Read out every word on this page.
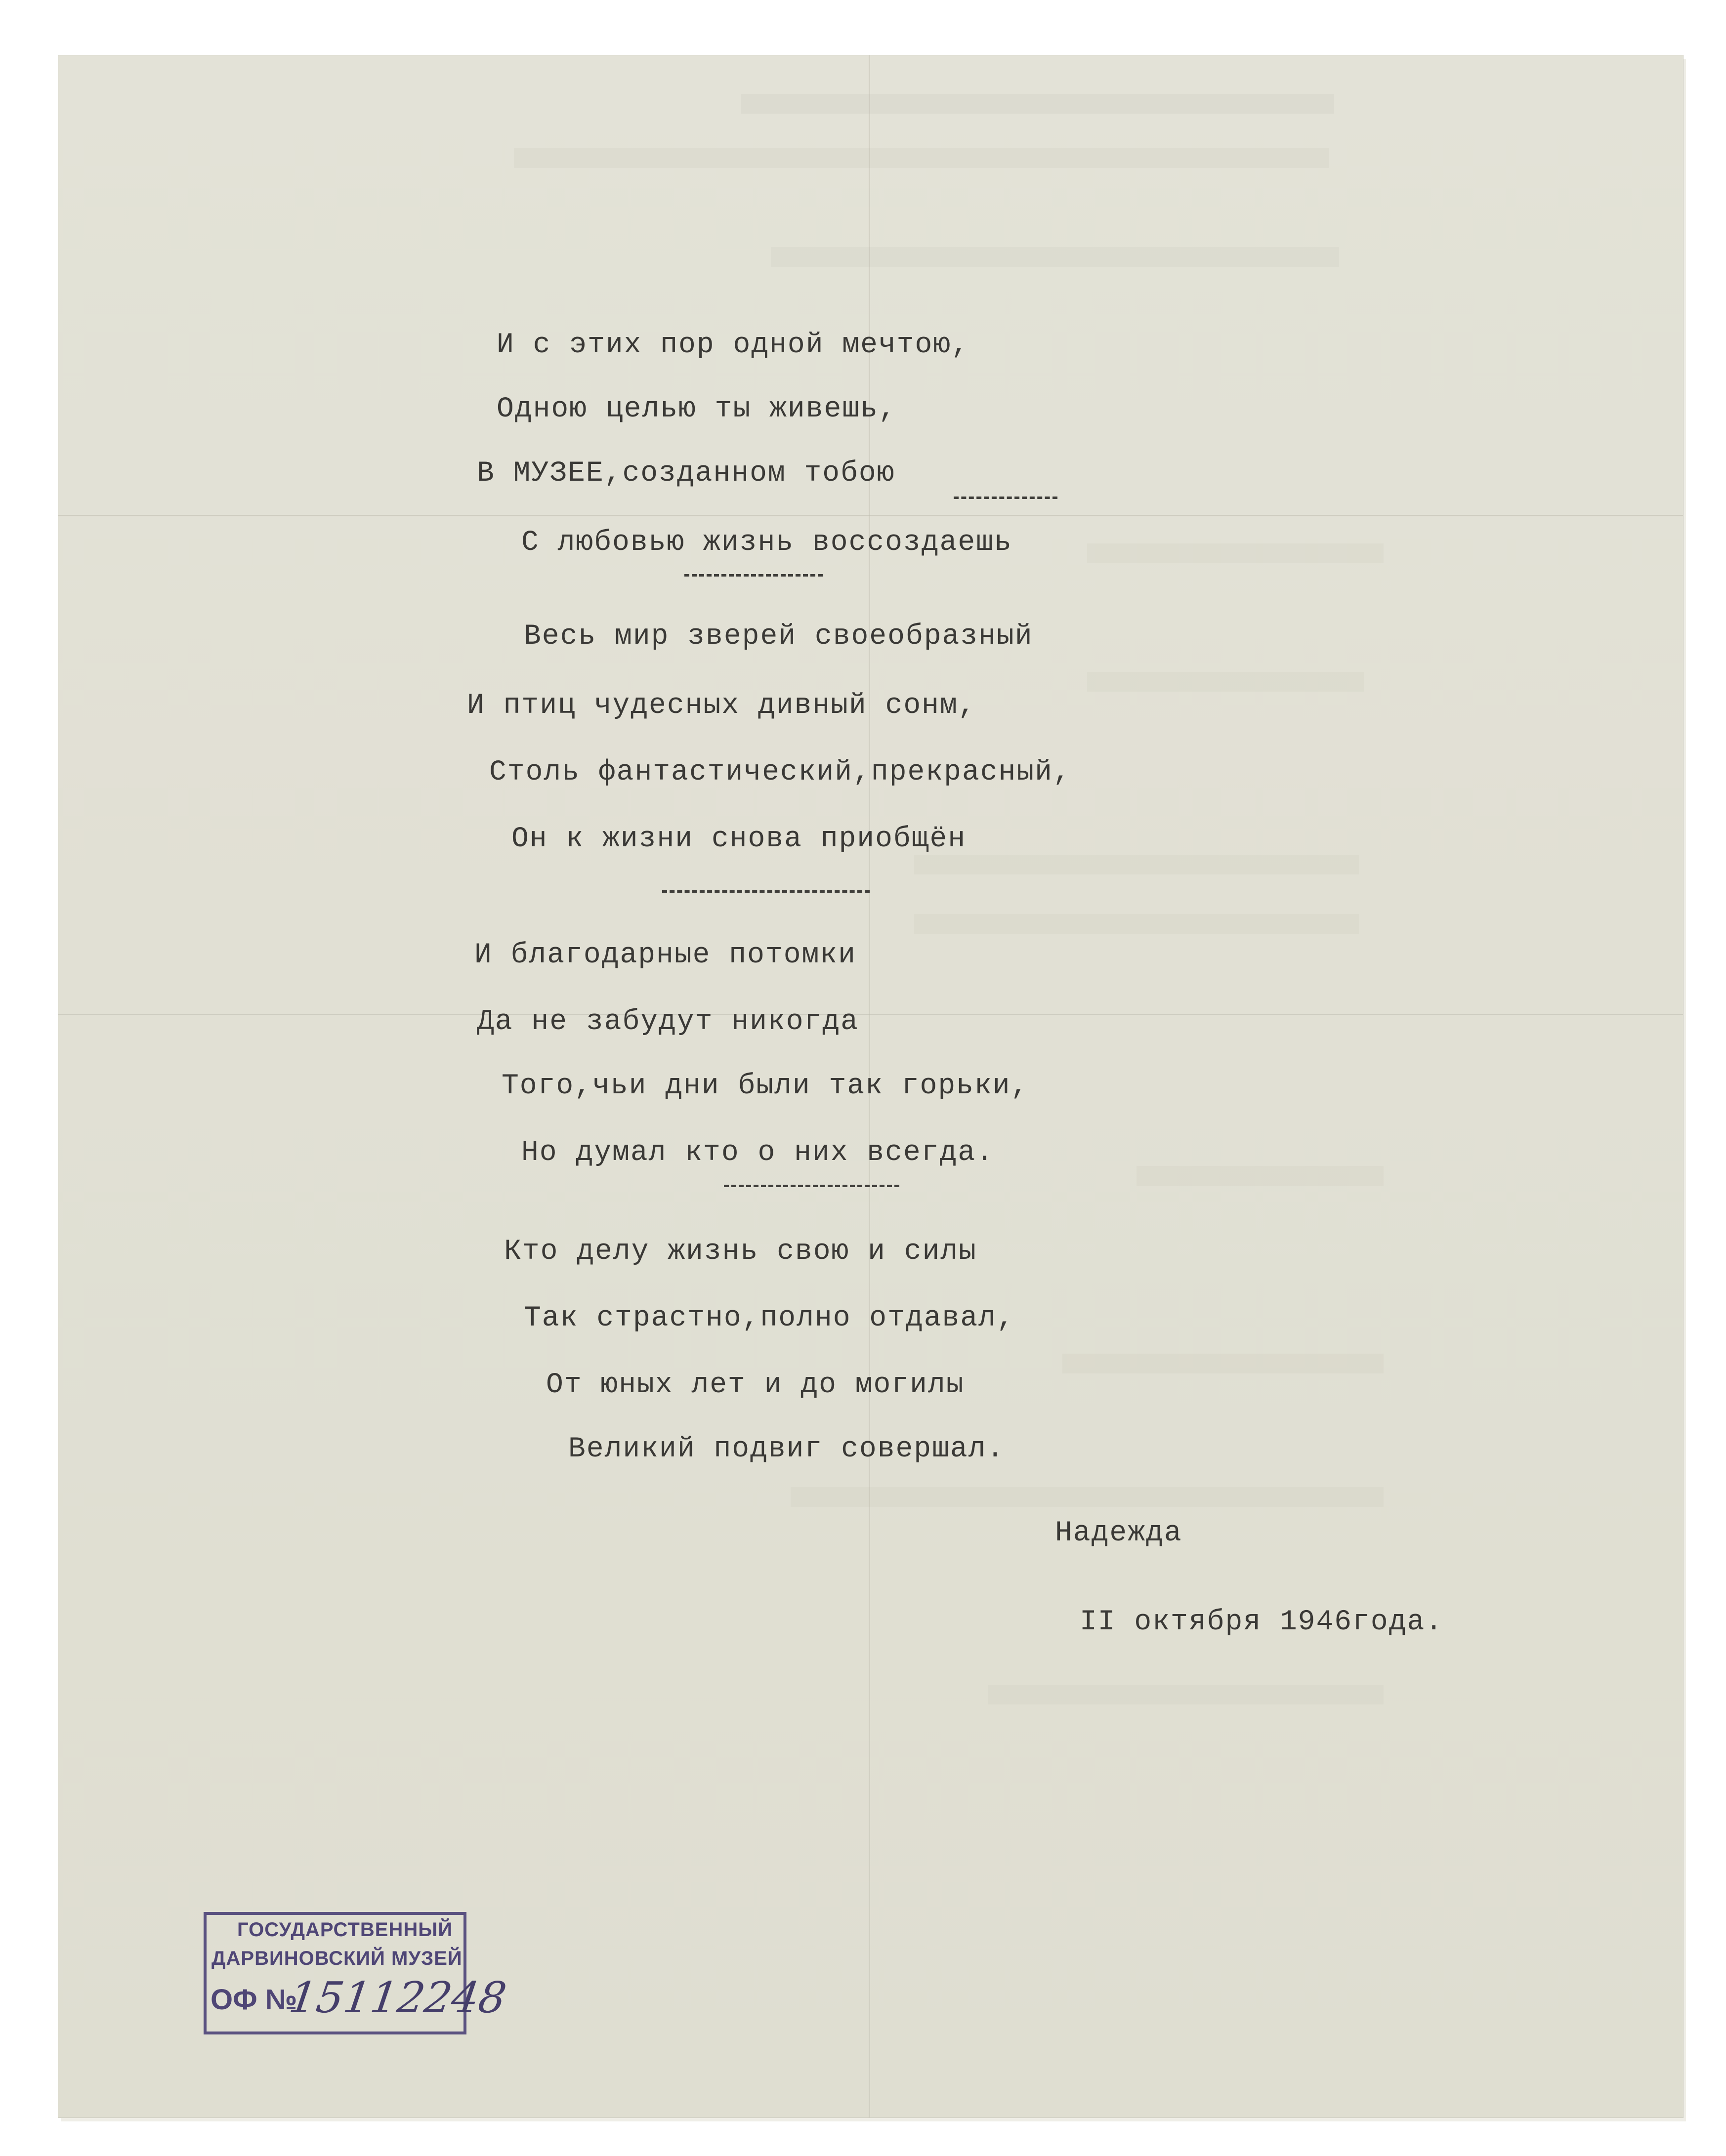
И с этих пор одной мечтою,
Одною целью ты живешь,
В МУЗЕЕ,созданном тобою
С любовью жизнь воссоздаешь
Весь мир зверей своеобразный
И птиц чудесных дивный сонм,
Столь фантастический,прекрасный,
Он к жизни снова приобщён
И благодарные потомки
Да не забудут никогда
Того,чьи дни были так горьки,
Но думал кто о них всегда.
Кто делу жизнь свою и силы
Так страстно,полно отдавал,
От юных лет и до могилы
Великий подвиг совершал.
Надежда
II октября 1946года.
ГОСУДАРСТВЕННЫЙ
ДАРВИНОВСКИЙ МУЗЕЙ
ОФ №
15112248
